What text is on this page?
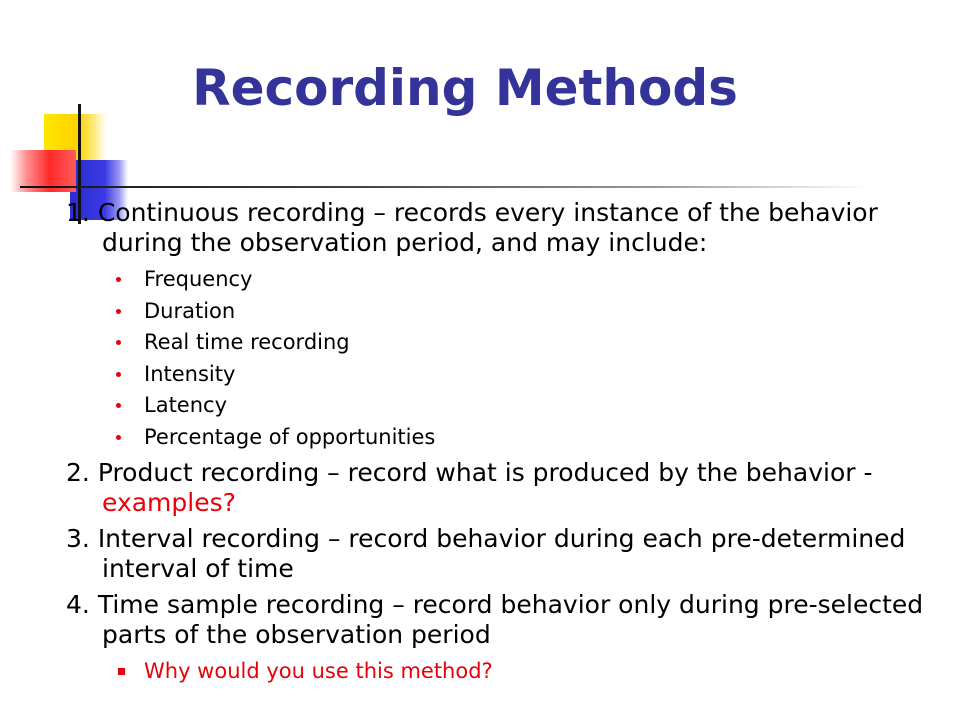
Recording Methods

1. Continuous recording – records every instance of the behavior during the observation period, and may include:

Frequency
Duration
Real time recording
Intensity
Latency
Percentage of opportunities

2. Product recording – record what is produced by the behavior - examples?

3. Interval recording – record behavior during each pre-determined interval of time

4. Time sample recording – record behavior only during pre-selected parts of the observation period

Why would you use this method?
